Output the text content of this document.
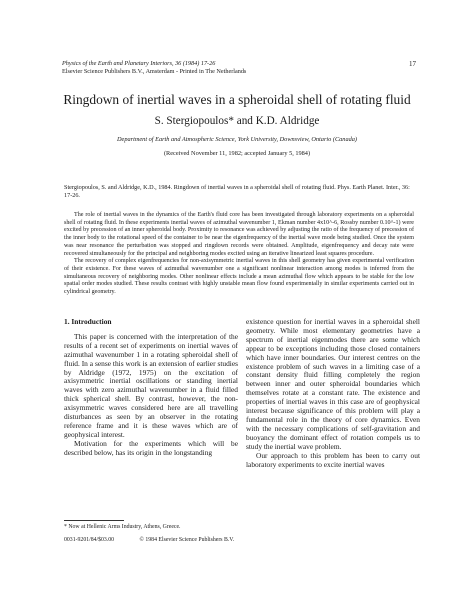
Physics of the Earth and Planetary Interiors, 36 (1984) 17-26
Elsevier Science Publishers B.V., Amsterdam - Printed in The Netherlands
17
Ringdown of inertial waves in a spheroidal shell of rotating fluid
S. Stergiopoulos* and K.D. Aldridge
Department of Earth and Atmospheric Science, York University, Downsview, Ontario (Canada)
(Received November 11, 1982; accepted January 5, 1984)
Stergiopoulos, S. and Aldridge, K.D., 1984. Ringdown of inertial waves in a spheroidal shell of rotating fluid. Phys. Earth Planet. Inter., 36: 17-26.

The role of inertial waves in the dynamics of the Earth's fluid core has been investigated through laboratory experiments on a spheroidal shell of rotating fluid. In these experiments inertial waves of azimuthal wavenumber 1, Ekman number 4x10^-6, Rossby number 0.10^-1) were excited by precession of an inner spheroidal body. Proximity to resonance was achieved by adjusting the ratio of the frequency of precession of the inner body to the rotational speed of the container to be near the eigenfrequency of the inertial wave mode being studied. Once the system was near resonance the perturbation was stopped and ringdown records were obtained. Amplitude, eigenfrequency and decay rate were recovered simultaneously for the principal and neighboring modes excited using an iterative linearized least squares procedure.

The recovery of complex eigenfrequencies for non-axisymmetric inertial waves in this shell geometry has given experimental verification of their existence. For these waves of azimuthal wavenumber one a significant nonlinear interaction among modes is inferred from the simultaneous recovery of neighboring modes. Other nonlinear effects include a mean azimuthal flow which appears to be stable for the low spatial order modes studied. These results contrast with highly unstable mean flow found experimentally in similar experiments carried out in cylindrical geometry.

1. Introduction

This paper is concerned with the interpretation of the results of a recent set of experiments on inertial waves of azimuthal wavenumber 1 in a rotating spheroidal shell of fluid. In a sense this work is an extension of earlier studies by Aldridge (1972, 1975) on the excitation of axisymmetric inertial oscillations or standing inertial waves with zero azimuthal wavenumber in a fluid filled thick spherical shell. By contrast, however, the non-axisymmetric waves considered here are all travelling disturbances as seen by an observer in the rotating reference frame and it is these waves which are of geophysical interest.

Motivation for the experiments which will be described below, has its origin in the longstanding

existence question for inertial waves in a spheroidal shell geometry. While most elementary geometries have a spectrum of inertial eigenmodes there are some which appear to be exceptions including those closed containers which have inner boundaries. Our interest centres on the existence problem of such waves in a limiting case of a constant density fluid filling completely the region between inner and outer spheroidal boundaries which themselves rotate at a constant rate. The existence and properties of inertial waves in this case are of geophysical interest because significance of this problem will play a fundamental role in the theory of core dynamics. Even with the necessary complications of self-gravitation and buoyancy the dominant effect of rotation compels us to study the inertial wave problem.

Our approach to this problem has been to carry out laboratory experiments to excite inertial waves

* Now at Hellenic Arms Industry, Athens, Greece.
0031-9201/84/$03.00	© 1984 Elsevier Science Publishers B.V.
